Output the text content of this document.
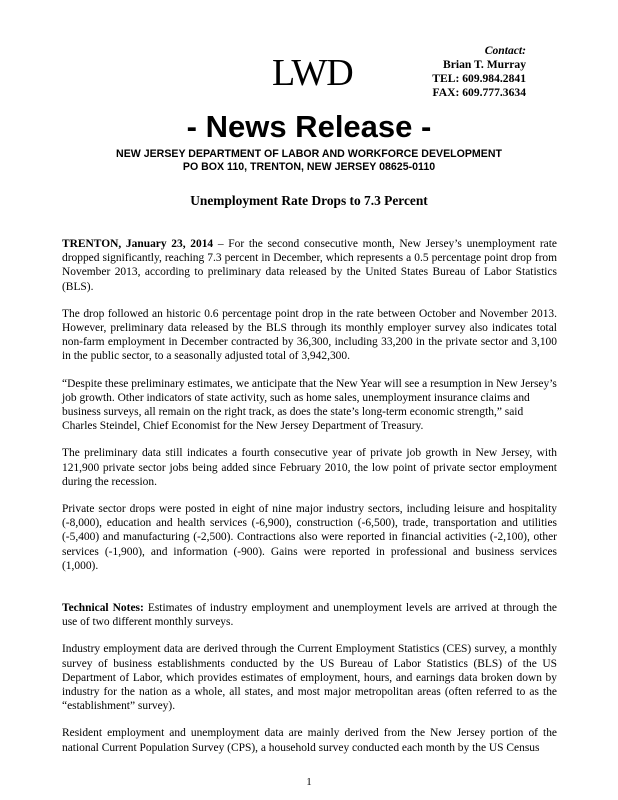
LWD
Contact:
Brian T. Murray
TEL: 609.984.2841
FAX: 609.777.3634
- News Release -
NEW JERSEY DEPARTMENT OF LABOR AND WORKFORCE DEVELOPMENT
PO BOX 110, TRENTON, NEW JERSEY 08625-0110
Unemployment Rate Drops to 7.3 Percent

TRENTON, January 23, 2014 – For the second consecutive month, New Jersey’s unemployment rate dropped significantly, reaching 7.3 percent in December, which represents a 0.5 percentage point drop from November 2013, according to preliminary data released by the United States Bureau of Labor Statistics (BLS).

The drop followed an historic 0.6 percentage point drop in the rate between October and November 2013. However, preliminary data released by the BLS through its monthly employer survey also indicates total non-farm employment in December contracted by 36,300, including 33,200 in the private sector and 3,100 in the public sector, to a seasonally adjusted total of 3,942,300.

“Despite these preliminary estimates, we anticipate that the New Year will see a resumption in New Jersey’s job growth. Other indicators of state activity, such as home sales, unemployment insurance claims and business surveys, all remain on the right track, as does the state’s long-term economic strength,” said Charles Steindel, Chief Economist for the New Jersey Department of Treasury.

The preliminary data still indicates a fourth consecutive year of private job growth in New Jersey, with 121,900 private sector jobs being added since February 2010, the low point of private sector employment during the recession.

Private sector drops were posted in eight of nine major industry sectors, including leisure and hospitality (-8,000), education and health services (-6,900), construction (-6,500), trade, transportation and utilities (-5,400) and manufacturing (-2,500). Contractions also were reported in financial activities (-2,100), other services (-1,900), and information (-900). Gains were reported in professional and business services (1,000).

Technical Notes: Estimates of industry employment and unemployment levels are arrived at through the use of two different monthly surveys.

Industry employment data are derived through the Current Employment Statistics (CES) survey, a monthly survey of business establishments conducted by the US Bureau of Labor Statistics (BLS) of the US Department of Labor, which provides estimates of employment, hours, and earnings data broken down by industry for the nation as a whole, all states, and most major metropolitan areas (often referred to as the “establishment” survey).

Resident employment and unemployment data are mainly derived from the New Jersey portion of the national Current Population Survey (CPS), a household survey conducted each month by the US Census

1
